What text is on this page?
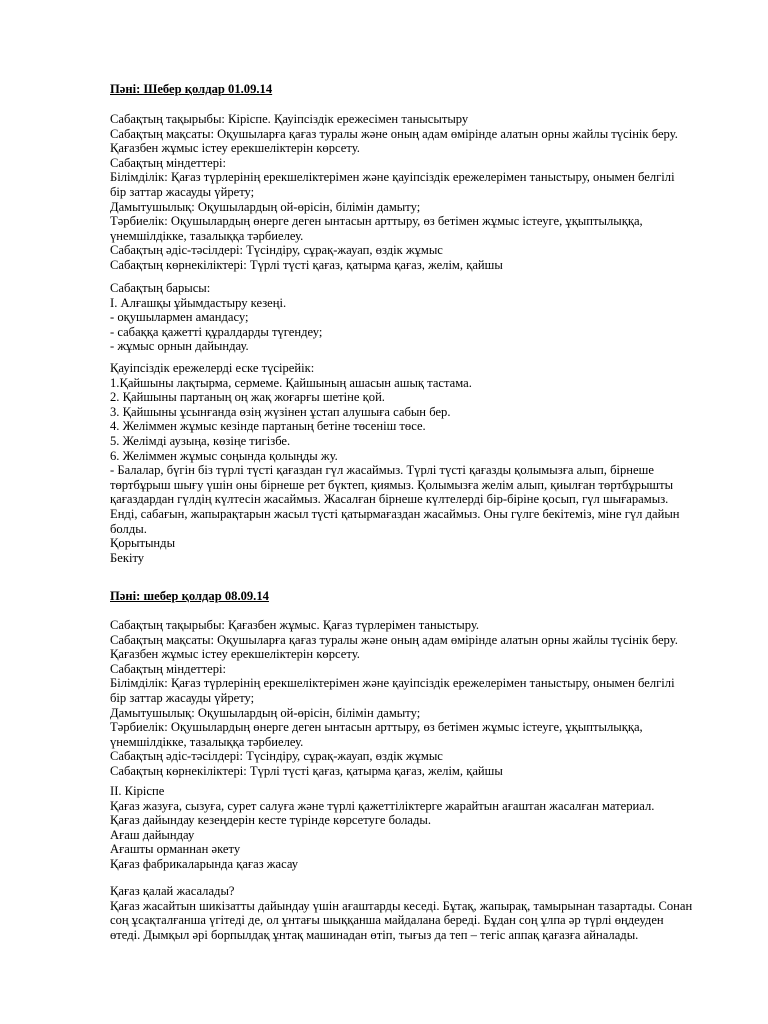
Пәні: Шебер қолдар 01.09.14
Сабақтың тақырыбы: Кіріспе. Қауіпсіздік ережесімен танысытыру
Сабақтың мақсаты: Оқушыларға қағаз туралы және оның адам өмірінде алатын орны жайлы түсінік беру.
Қағазбен жұмыс істеу ерекшеліктерін көрсету.
Сабақтың міндеттері:
Білімділік: Қағаз түрлерінің ерекшеліктерімен және қауіпсіздік ережелерімен таныстыру, онымен белгілі
бір заттар жасауды үйрету;
Дамытушылық: Оқушылардың ой-өрісін, білімін дамыту;
Тәрбиелік: Оқушылардың өнерге деген ынтасын арттыру, өз бетімен жұмыс істеуге, ұқыптылыққа,
үнемшілдікке, тазалыққа тәрбиелеу.
Сабақтың әдіс-тәсілдері: Түсіндіру, сұрақ-жауап, өздік жұмыс
Сабақтың көрнекіліктері: Түрлі түсті қағаз, қатырма қағаз, желім, қайшы
Сабақтың барысы:
І. Алғашқы ұйымдастыру кезеңі.
- оқушылармен амандасу;
- сабаққа қажетті құралдарды түгендеу;
- жұмыс орнын дайындау.
Қауіпсіздік ережелерді еске түсірейік:
1.Қайшыны лақтырма, сермеме. Қайшының ашасын ашық тастама.
2. Қайшыны партаның оң жақ жоғарғы шетіне қой.
3. Қайшыны ұсынғанда өзің жүзінен ұстап алушыға сабын бер.
4. Желіммен жұмыс кезінде партаның бетіне төсеніш төсе.
5. Желімді аузыңа, көзіңе тигізбе.
6. Желіммен жұмыс соңында қолыңды жу.
- Балалар, бүгін біз түрлі түсті қағаздан гүл жасаймыз. Түрлі түсті қағазды қолымызға алып, бірнеше
төртбұрыш шығу үшін оны бірнеше рет бүктеп, қиямыз. Қолымызға желім алып, қиылған төртбұрышты
қағаздардан гүлдің күлтесін жасаймыз. Жасалған бірнеше күлтелерді бір-біріне қосып, гүл шығарамыз.
Енді, сабағын, жапырақтарын жасыл түсті қатырмағаздан жасаймыз. Оны гүлге бекітеміз, міне гүл дайын
болды.
Қорытынды
Бекіту
Пәні: шебер қолдар 08.09.14
Сабақтың тақырыбы: Қағазбен жұмыс. Қағаз түрлерімен таныстыру.
Сабақтың мақсаты: Оқушыларға қағаз туралы және оның адам өмірінде алатын орны жайлы түсінік беру.
Қағазбен жұмыс істеу ерекшеліктерін көрсету.
Сабақтың міндеттері:
Білімділік: Қағаз түрлерінің ерекшеліктерімен және қауіпсіздік ережелерімен таныстыру, онымен белгілі
бір заттар жасауды үйрету;
Дамытушылық: Оқушылардың ой-өрісін, білімін дамыту;
Тәрбиелік: Оқушылардың өнерге деген ынтасын арттыру, өз бетімен жұмыс істеуге, ұқыптылыққа,
үнемшілдікке, тазалыққа тәрбиелеу.
Сабақтың әдіс-тәсілдері: Түсіндіру, сұрақ-жауап, өздік жұмыс
Сабақтың көрнекіліктері: Түрлі түсті қағаз, қатырма қағаз, желім, қайшы
ІІ. Кіріспе
Қағаз жазуға, сызуға, сурет салуға және түрлі қажеттіліктерге жарайтын ағаштан жасалған материал.
Қағаз дайындау кезеңдерін кесте түрінде көрсетуге болады.
Ағаш дайындау
Ағашты орманнан әкету
Қағаз фабрикаларында қағаз жасау
Қағаз қалай жасалады?
Қағаз жасайтын шикізатты дайындау үшін ағаштарды кеседі. Бұтақ, жапырақ, тамырынан тазартады. Сонан
соң ұсақталғанша үгітеді де, ол ұнтағы шыққанша майдалана береді. Бұдан соң ұлпа әр түрлі өңдеуден
өтеді. Дымқыл әрі борпылдақ ұнтақ машинадан өтіп, тығыз да теп – тегіс аппақ қағазға айналады.
